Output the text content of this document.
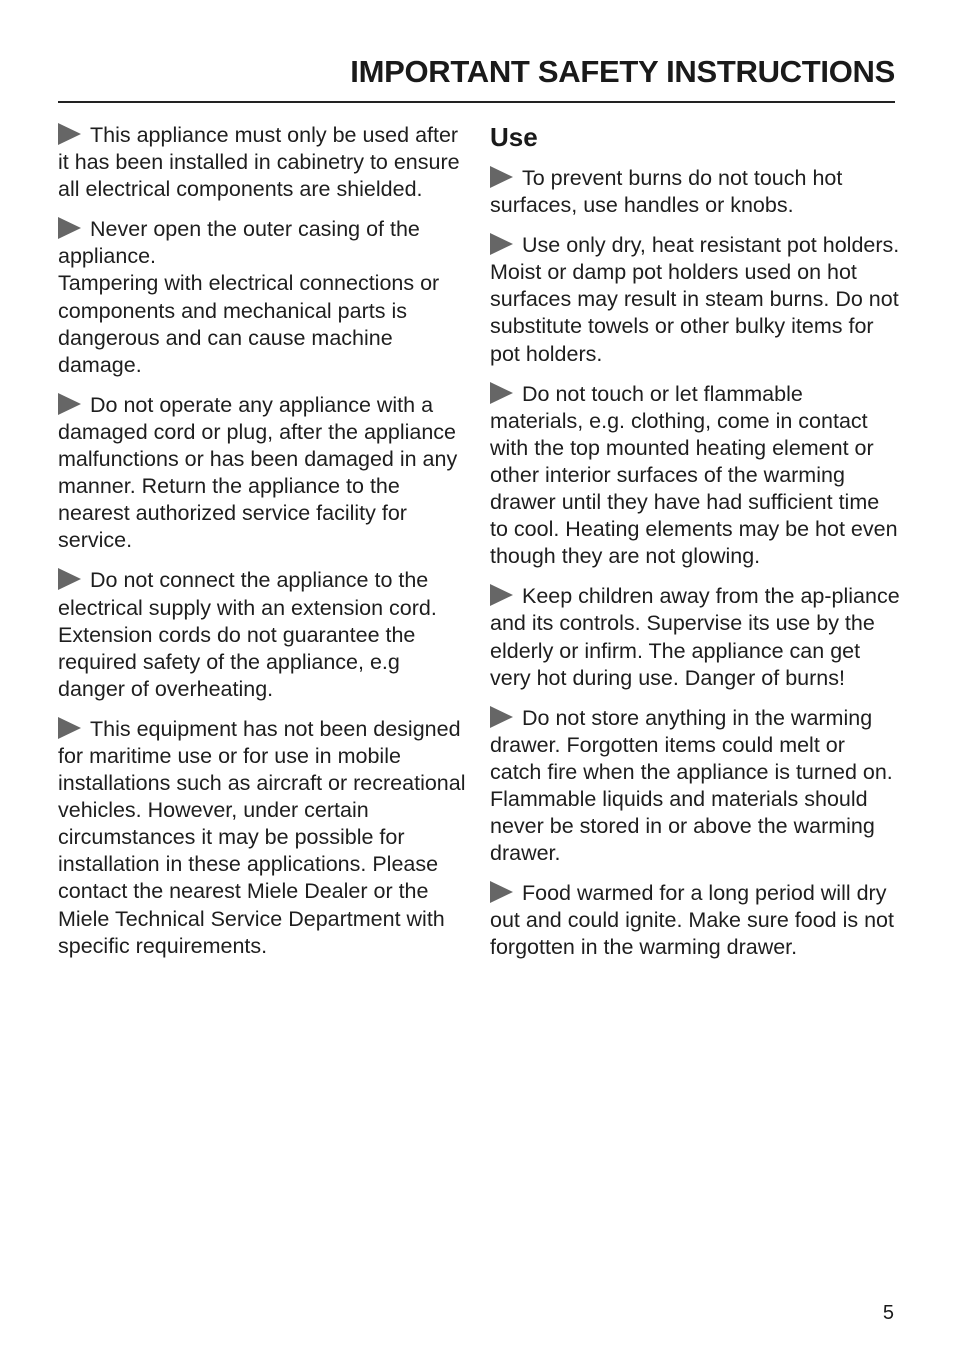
IMPORTANT SAFETY INSTRUCTIONS

This appliance must only be used after it has been installed in cabinetry to ensure all electrical components are shielded.

Never open the outer casing of the appliance.
Tampering with electrical connections or components and mechanical parts is dangerous and can cause machine damage.

Do not operate any appliance with a damaged cord or plug, after the appliance malfunctions or has been damaged in any manner. Return the appliance to the nearest authorized service facility for service.

Do not connect the appliance to the electrical supply with an extension cord. Extension cords do not guarantee the required safety of the appliance, e.g danger of overheating.

This equipment has not been designed for maritime use or for use in mobile installations such as aircraft or recreational vehicles. However, under certain circumstances it may be possible for installation in these applications. Please contact the nearest Miele Dealer or the Miele Technical Service Department with specific requirements.

Use

To prevent burns do not touch hot surfaces, use handles or knobs.

Use only dry, heat resistant pot holders. Moist or damp pot holders used on hot surfaces may result in steam burns. Do not substitute towels or other bulky items for pot holders.

Do not touch or let flammable materials, e.g. clothing, come in contact with the top mounted heating element or other interior surfaces of the warming drawer until they have had sufficient time to cool. Heating elements may be hot even though they are not glowing.

Keep children away from the ap-pliance and its controls. Supervise its use by the elderly or infirm. The appliance can get very hot during use. Danger of burns!

Do not store anything in the warming drawer. Forgotten items could melt or catch fire when the appliance is turned on. Flammable liquids and materials should never be stored in or above the warming drawer.

Food warmed for a long period will dry out and could ignite. Make sure food is not forgotten in the warming drawer.

5
